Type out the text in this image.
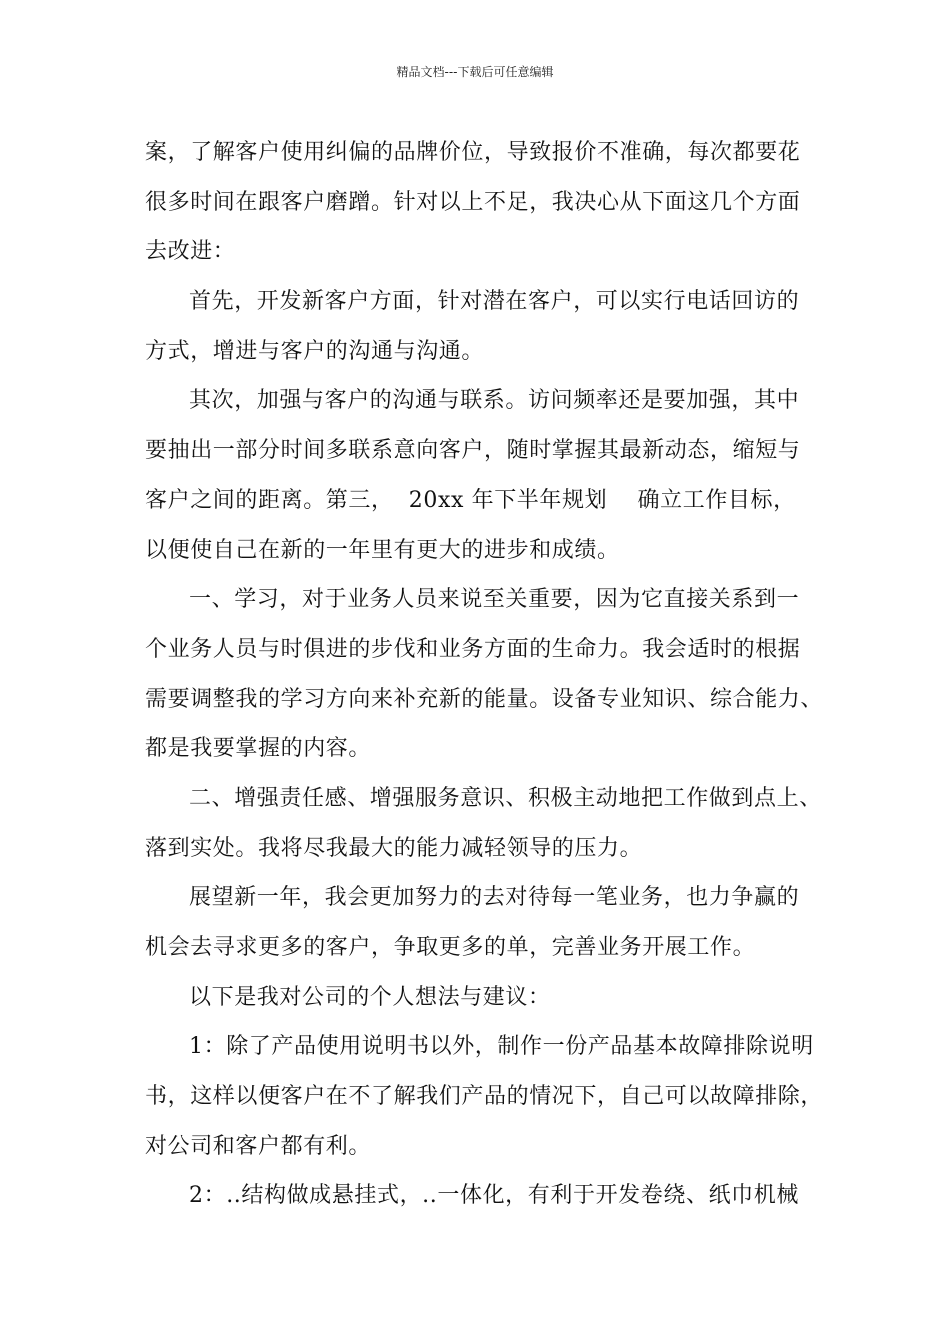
精品文档---下载后可任意编辑
案，了解客户使用纠偏的品牌价位，导致报价不准确，每次都要花
很多时间在跟客户磨蹭。针对以上不足，我决心从下面这几个方面
去改进：
首先，开发新客户方面，针对潜在客户，可以实行电话回访的
方式，增进与客户的沟通与沟通。
其次，加强与客户的沟通与联系。访问频率还是要加强，其中
要抽出一部分时间多联系意向客户，随时掌握其最新动态，缩短与
客户之间的距离。第三，  20xx 年下半年规划    确立工作目标，
以便使自己在新的一年里有更大的进步和成绩。
一、学习，对于业务人员来说至关重要，因为它直接关系到一
个业务人员与时俱进的步伐和业务方面的生命力。我会适时的根据
需要调整我的学习方向来补充新的能量。设备专业知识、综合能力、
都是我要掌握的内容。
二、增强责任感、增强服务意识、积极主动地把工作做到点上、
落到实处。我将尽我最大的能力减轻领导的压力。
展望新一年，我会更加努力的去对待每一笔业务，也力争赢的
机会去寻求更多的客户，争取更多的单，完善业务开展工作。
以下是我对公司的个人想法与建议：
1：除了产品使用说明书以外，制作一份产品基本故障排除说明
书，这样以便客户在不了解我们产品的情况下，自己可以故障排除，
对公司和客户都有利。
2：..结构做成悬挂式，..一体化，有利于开发卷绕、纸巾机械
